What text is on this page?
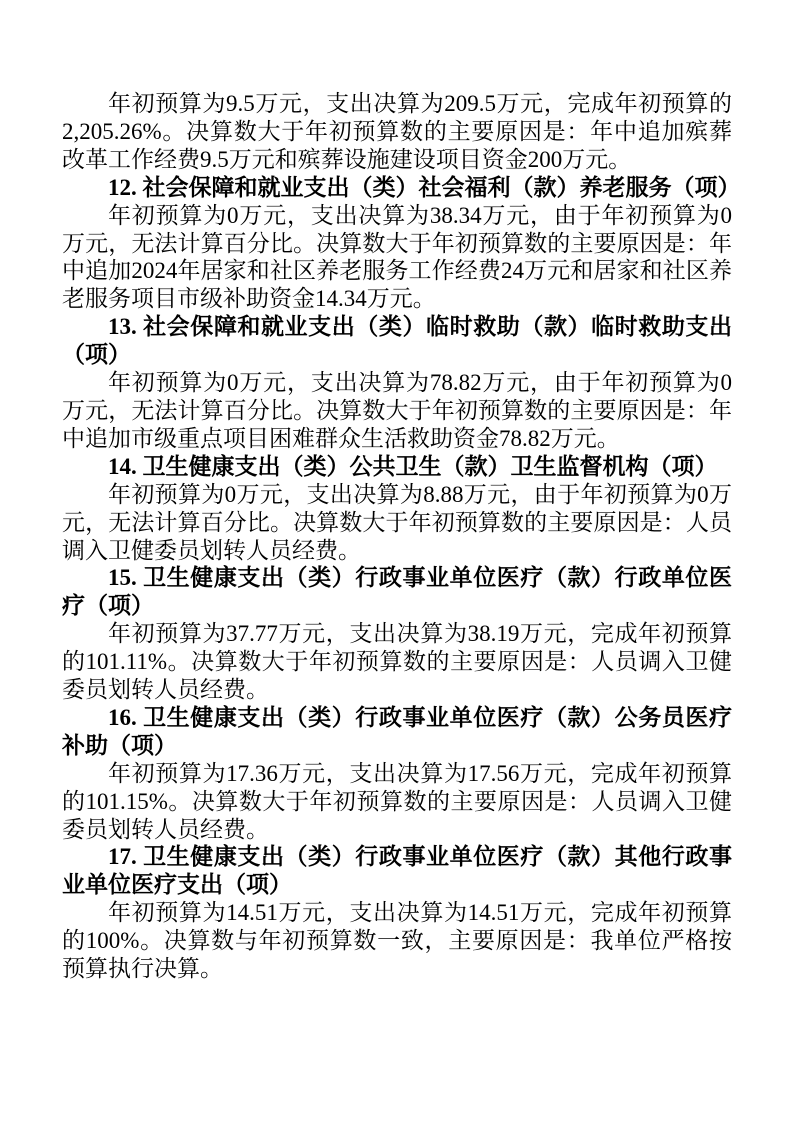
年初预算为9.5万元，支出决算为209.5万元，完成年初预算的2,205.26%。决算数大于年初预算数的主要原因是：年中追加殡葬改革工作经费9.5万元和殡葬设施建设项目资金200万元。

12. 社会保障和就业支出（类）社会福利（款）养老服务（项）

年初预算为0万元，支出决算为38.34万元，由于年初预算为0万元，无法计算百分比。决算数大于年初预算数的主要原因是：年中追加2024年居家和社区养老服务工作经费24万元和居家和社区养老服务项目市级补助资金14.34万元。

13. 社会保障和就业支出（类）临时救助（款）临时救助支出（项）

年初预算为0万元，支出决算为78.82万元，由于年初预算为0万元，无法计算百分比。决算数大于年初预算数的主要原因是：年中追加市级重点项目困难群众生活救助资金78.82万元。

14. 卫生健康支出（类）公共卫生（款）卫生监督机构（项）

年初预算为0万元，支出决算为8.88万元，由于年初预算为0万元，无法计算百分比。决算数大于年初预算数的主要原因是：人员调入卫健委员划转人员经费。

15. 卫生健康支出（类）行政事业单位医疗（款）行政单位医疗（项）

年初预算为37.77万元，支出决算为38.19万元，完成年初预算的101.11%。决算数大于年初预算数的主要原因是：人员调入卫健委员划转人员经费。

16. 卫生健康支出（类）行政事业单位医疗（款）公务员医疗补助（项）

年初预算为17.36万元，支出决算为17.56万元，完成年初预算的101.15%。决算数大于年初预算数的主要原因是：人员调入卫健委员划转人员经费。

17. 卫生健康支出（类）行政事业单位医疗（款）其他行政事业单位医疗支出（项）

年初预算为14.51万元，支出决算为14.51万元，完成年初预算的100%。决算数与年初预算数一致，主要原因是：我单位严格按预算执行决算。
